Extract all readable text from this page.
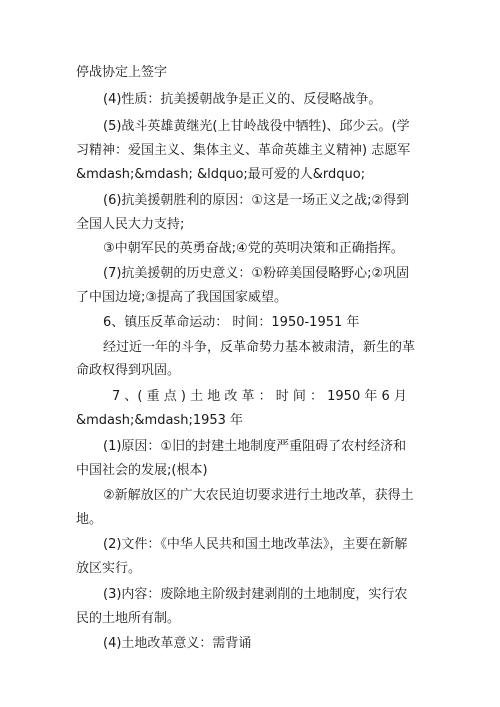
停战协定上签字
(4)性质：抗美援朝战争是正义的、反侵略战争。
(5)战斗英雄黄继光(上甘岭战役中牺牲)、邱少云。(学
习精神：爱国主义、集体主义、革命英雄主义精神) 志愿军
&mdash;&mdash; &ldquo;最可爱的人&rdquo;
(6)抗美援朝胜利的原因：①这是一场正义之战;②得到
全国人民大力支持;
③中朝军民的英勇奋战;④党的英明决策和正确指挥。
(7)抗美援朝的历史意义：①粉碎美国侵略野心;②巩固
了中国边境;③提高了我国国家威望。
6、镇压反革命运动： 时间：1950-1951 年
经过近一年的斗争，反革命势力基本被肃清，新生的革
命政权得到巩固。
7 、( 重 点 ) 土 地 改 革 ： 时 间 ： 1950 年 6 月
&mdash;&mdash;1953 年
(1)原因：①旧的封建土地制度严重阻碍了农村经济和
中国社会的发展;(根本)
②新解放区的广大农民迫切要求进行土地改革，获得土
地。
(2)文件：《中华人民共和国土地改革法》，主要在新解
放区实行。
(3)内容：废除地主阶级封建剥削的土地制度，实行农
民的土地所有制。
(4)土地改革意义：需背诵
